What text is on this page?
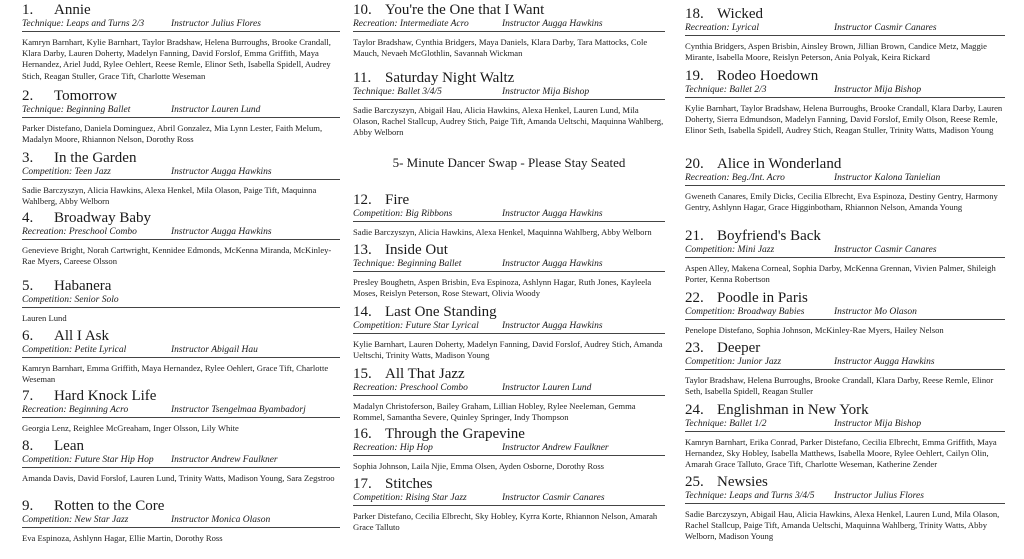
1. Annie
Technique: Leaps and Turns 2/3	Instructor Julius Flores
Kamryn Barnhart, Kylie Barnhart, Taylor Bradshaw, Helena Burroughs, Brooke Crandall, Klara Darby, Lauren Doherty, Madelyn Fanning, David Forslof, Emma Griffith, Maya Hernandez, Ariel Judd, Rylee Oehlert, Reese Remle, Elinor Seth, Isabella Spidell, Audrey Stich, Reagan Stuller, Grace Tift, Charlotte Weseman
2. Tomorrow
Technique: Beginning Ballet	Instructor Lauren Lund
Parker Distefano, Daniela Dominguez, Abril Gonzalez, Mia Lynn Lester, Faith Melum, Madalyn Moore, Rhiannon Nelson, Dorothy Ross
3. In the Garden
Competition: Teen Jazz	Instructor Augga Hawkins
Sadie Barczyszyn, Alicia Hawkins, Alexa Henkel, Mila Olason, Paige Tift, Maquinna Wahlberg, Abby Welborn
4. Broadway Baby
Recreation: Preschool Combo	Instructor Augga Hawkins
Genevieve Bright, Norah Cartwright, Kennidee Edmonds, McKenna Miranda, McKinley-Rae Myers, Careese Olsson
5. Habanera
Competition: Senior Solo
Lauren Lund
6. All I Ask
Competition: Petite Lyrical	Instructor Abigail Hau
Kamryn Barnhart, Emma Griffith, Maya Hernandez, Rylee Oehlert, Grace Tift, Charlotte Weseman
7. Hard Knock Life
Recreation: Beginning Acro	Instructor Tsengelmaa Byambadorj
Georgia Lenz, Reighlee McGreaham, Inger Olsson, Lily White
8. Lean
Competition: Future Star Hip Hop Instructor Andrew Faulkner
Amanda Davis, David Forslof, Lauren Lund, Trinity Watts, Madison Young, Sara Zegstroo
9. Rotten to the Core
Competition: New Star Jazz	Instructor Monica Olason
Eva Espinoza, Ashlynn Hagar, Ellie Martin, Dorothy Ross
5- Minute Dancer Swap - Please Stay Seated
10. You're the One that I Want
Recreation: Intermediate Acro	Instructor Augga Hawkins
Taylor Bradshaw, Cynthia Bridgers, Maya Daniels, Klara Darby, Tara Mattocks, Cole Mauch, Nevaeh McGlothlin, Savannah Wickman
11. Saturday Night Waltz
Technique: Ballet 3/4/5	Instructor Mija Bishop
Sadie Barczyszyn, Abigail Hau, Alicia Hawkins, Alexa Henkel, Lauren Lund, Mila Olason, Rachel Stallcup, Audrey Stich, Paige Tift, Amanda Ueltschi, Maquinna Wahlberg, Abby Welborn
12. Fire
Competition: Big Ribbons	Instructor Augga Hawkins
Sadie Barczyszyn, Alicia Hawkins, Alexa Henkel, Maquinna Wahlberg, Abby Welborn
13. Inside Out
Technique: Beginning Ballet	Instructor Augga Hawkins
Presley Boughetn, Aspen Brisbin, Eva Espinoza, Ashlynn Hagar, Ruth Jones, Kayleela Moses, Reislyn Peterson, Rose Stewart, Olivia Woody
14. Last One Standing
Competition: Future Star Lyrical Instructor Augga Hawkins
Kylie Barnhart, Lauren Doherty, Madelyn Fanning, David Forslof, Audrey Stich, Amanda Ueltschi, Trinity Watts, Madison Young
15. All That Jazz
Recreation: Preschool Combo	Instructor Lauren Lund
Madalyn Christoferson, Bailey Graham, Lillian Hobley, Rylee Neeleman, Gemma Rommel, Samantha Severe, Quinley Springer, Indy Thompson
16. Through the Grapevine
Recreation: Hip Hop	Instructor Andrew Faulkner
Sophia Johnson, Laila Njie, Emma Olsen, Ayden Osborne, Dorothy Ross
17. Stitches
Competition: Rising Star Jazz	Instructor Casmir Canares
Parker Distefano, Cecilia Elbrecht, Sky Hobley, Kyrra Korte, Rhiannon Nelson, Amarah Grace Talluto
18. Wicked
Recreation: Lyrical	Instructor Casmir Canares
Cynthia Bridgers, Aspen Brisbin, Ainsley Brown, Jillian Brown, Candice Metz, Maggie Mirante, Isabella Moore, Reislyn Peterson, Ania Polyak, Keira Rickard
19. Rodeo Hoedown
Technique: Ballet 2/3	Instructor Mija Bishop
Kylie Barnhart, Taylor Bradshaw, Helena Burroughs, Brooke Crandall, Klara Darby, Lauren Doherty, Sierra Edmundson, Madelyn Fanning, David Forslof, Emily Olson, Reese Remle, Elinor Seth, Isabella Spidell, Audrey Stich, Reagan Stuller, Trinity Watts, Madison Young
20. Alice in Wonderland
Recreation: Beg./Int. Acro	Instructor Kalona Tanielian
Gweneth Canares, Emily Dicks, Cecilia Elbrecht, Eva Espinoza, Destiny Gentry, Harmony Gentry, Ashlynn Hagar, Grace Higginbotham, Rhiannon Nelson, Amanda Young
21. Boyfriend's Back
Competition: Mini Jazz	Instructor Casmir Canares
Aspen Alley, Makena Corneal, Sophia Darby, McKenna Grennan, Vivien Palmer, Shileigh Porter, Kenna Robertson
22. Poodle in Paris
Competition: Broadway Babies	Instructor Mo Olason
Penelope Distefano, Sophia Johnson, McKinley-Rae Myers, Hailey Nelson
23. Deeper
Competition: Junior Jazz	Instructor Augga Hawkins
Taylor Bradshaw, Helena Burroughs, Brooke Crandall, Klara Darby, Reese Remle, Elinor Seth, Isabella Spidell, Reagan Stuller
24. Englishman in New York
Technique: Ballet 1/2	Instructor Mija Bishop
Kamryn Barnhart, Erika Conrad, Parker Distefano, Cecilia Elbrecht, Emma Griffith, Maya Hernandez, Sky Hobley, Isabella Matthews, Isabella Moore, Rylee Oehlert, Cailyn Olin, Amarah Grace Talluto, Grace Tift, Charlotte Weseman, Katherine Zender
25. Newsies
Technique: Leaps and Turns 3/4/5 Instructor Julius Flores
Sadie Barczyszyn, Abigail Hau, Alicia Hawkins, Alexa Henkel, Lauren Lund, Mila Olason, Rachel Stallcup, Paige Tift, Amanda Ueltschi, Maquinna Wahlberg, Trinity Watts, Abby Welborn, Madison Young
